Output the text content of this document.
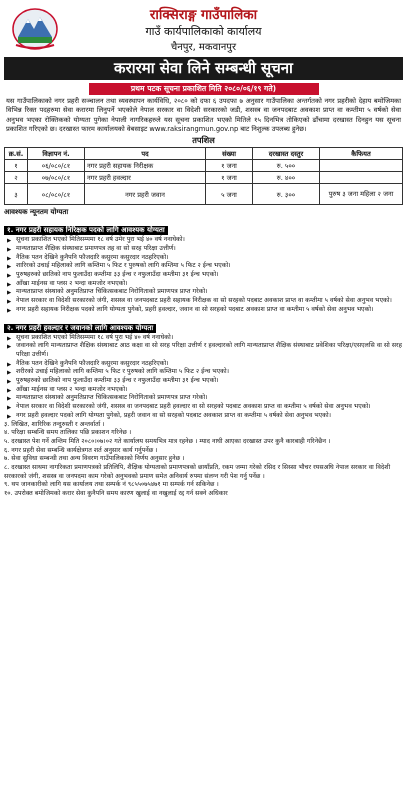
राक्सिराङ्ग गाउँपालिका
गाउँ कार्यपालिकाको कार्यालय
चैनपुर, मकवानपुर
करारमा सेवा लिने सम्बन्धी सूचना
प्रथम पटक सूचना प्रकाशित मिति २०८०/०६/१९ गते)
यस गाउँपालिकाको नगर प्रहरी सञ्चालन तथा व्यवस्थापन कार्यविधि, २०८० को दफा ६ उपदफा ७ अनुसार गाउँपालिका अन्तर्गतको नगर प्रहरीको देहाय बमोजिमका विभिन्न रिक्त पदहरुमा सेवा करारमा लिनुपर्ने भएकोले नेपाल सरकार वा विदेशी सरकारको जडी, शसस्त्र वा जनपदबाट अवकाश प्राप्त वा कम्तीमा ५ वर्षको सेवा अनुभव भएका रोक्तिकको योग्यता पुगेका नेपाली नागरिकहरुले यस सूचना प्रकाशित भएको मितिले १५ दिनभित्र तोकिएको ढाँचामा दरखास्त दिनहुन यस सूचना प्रकाशित गरिएको छ। दरखास्त फारम कार्यालयको वेबसाइट www.raksirangmun.gov.np बाट निशुल्क उपलब्ध हुनेछ।
तपशिल
क्र.सं.	विज्ञापन नं.	पद	संख्या	दरखास्त दस्तुर	कैफियत
१	०६/०८०/८१	नगर प्रहरी सहायक निरीक्षक	१ जना	रु. ५००	
२	०७/०८०/८१	नगर प्रहरी हवल्दार	१ जना	रु. ४००	
३	०८/०८०/८१	नगर प्रहरी जवान	५ जना	रु. ३००	पुरुष ३ जना महिला २ जना
आवश्यक न्यूनतम योग्यता
१. नगर प्रहरी सहायक निरिक्षक पदको लागि आवश्यक योग्यता
▶ सूचना प्रकाशित भएको मितिसम्ममा १८ वर्ष उमेर पुरा भई ४० वर्ष ननाघेको।
▶ मान्यताप्राप्त शैक्षिक संस्थाबाट प्रमाणपत्र तह वा सो सरह परिक्षा उत्तीर्ण।
▶ नैतिक पतन देखिने कुनैपनि फौजदारि कसुरमा कसुरदार नठहरिएको।
▶ शारिरको उचाई महिलाको लागि कम्तिमा ५ फिट र पुरुषको लागि कम्तिमा ५ फिट २ ईन्च भएको।
▶ पुरुषहरुको छातिको नाप फुलाउँदा कम्तीमा ३३ ईन्च र नफुलाउँदा कम्तीमा ३१ ईन्च भएको।
▶ आँखा माईनस वा प्लस २ भन्दा कमजोर नभएको।
▶ मान्यताप्राप्त संस्थाको अनुमतिप्राप्त चिकित्सकबाट निरोगिताको प्रमाणपत्र प्राप्त गरेको।
▶ नेपाल सरकार वा विदेशी सरकारको जंगी, शसस्त्र वा जनपदबाट प्रहरी सहायक निरीक्षक वा सो सरहको पदबाट अवकाश प्राप्त वा कम्तीमा ५ वर्षको सेवा अनुभव भएको।
▶ नगर प्रहरी सहायक निरीक्षक पदको लागि योग्यता पुगेको, प्रहरी हवल्दार, जवान वा सो सरहको पदबाट अवकाश प्राप्त वा कम्तीमा ५ वर्षको सेवा अनुभव भएको।
२. नगर प्रहरी हवल्दार र जवानको लागि आवश्यक योग्यता
▶ सूचना प्रकाशित भएको मितिसम्ममा १८ वर्ष पुरा भई ४० वर्ष ननाघेको।
▶ जवानको लागि मान्यताप्राप्त शैक्षिक संस्थाबाट आठ कक्षा वा सो सरह परिक्षा उत्तीर्ण र हवल्दारको लागि मान्यताप्राप्त शैक्षिक संस्थाबाट प्रवेशिका परिक्षा/एसएलसि वा सो सरह परिक्षा उत्तीर्ण।
▶ नैतिक पतन देखिने कुनैपनि फौजदारि कसुरमा कसुरदार नठहरिएको।
▶ शरीरको उचाई महिलाको लागि कम्तिमा ५ फिट र पुरुषको लागि कम्तिमा ५ फिट २ ईन्च भएको।
▶ पुरुषहरुको छातिको नाप फुलाउँदा कम्तीमा ३३ ईन्च र नफुलाउँदा कम्तीमा ३१ ईन्च भएको।
▶ आँखा माईनस वा प्लस २ भन्दा कमजोर नभएको।
▶ मान्यताप्राप्त संस्थाको अनुमतिप्राप्त चिकित्सकबाट निरोगिताको प्रमाणपत्र प्राप्त गरेको।
▶ नेपाल सरकार वा विदेशी सरकारको जंगी, शसस्त्र वा जनपदबाट प्रहरी हवल्दार वा सो सरहको पदबाट अवकाश प्राप्त वा कम्तीमा ५ वर्षको सेवा अनुभव भएको।
▶ नगर प्रहरी हवल्दार पदको लागि योग्यता पुगेको, प्रहरी जवान वा सो सरहको पदबाट अवकाश प्राप्त वा कम्तीमा ५ वर्षको सेवा अनुभव भएको।

३. लिखित, शारिरिक तन्दुरुस्ती र अन्तर्वार्ता ।

४. परिक्षा सम्बन्धि समय तालिका पछि प्रकाशन गरिनेछ ।

५. दरखास्त पेश गर्ने अन्तिम मिति २०८०।०७।०२ गते कार्यालय समयभित्र मात्र रहनेछ । म्याद नाघी आएका दरखास्त उपर कुनै कारबाही गरिनेछैन ।

६. नगर प्रहरी सेवा सम्बन्धि कार्यक्षेत्रगत शर्त अनुसार कार्य गर्नुपर्नेछ ।

७. सेवा सुविधा सम्बन्धी तथा अन्य विवरण गाउँपालिकाको निर्णय अनुसार हुनेछ ।

८. दरखास्त साथमा नागरिकता प्रमाणपत्रको प्रतिलिपि, शैक्षिक योग्यताको प्रमाणपत्रको छायाँप्रति, रकम जम्मा गरेको रसिद र सिस्सा भौचर रयसअघि नेपाल सरकार वा विदेशी सरकारको जंगी, शसस्त्र वा जनपदमा काम गरेको अनुभवको प्रमाण समेत अनिवार्य रुपमा संलग्न गरी पेश गर्नु पर्नेछ ।

९. थप जानकारीको लागि यस कार्यालय तथा सम्पर्क नं ९८५५०७५४७१ मा सम्पर्क गर्न सकिनेछ ।

१०. उपरोक्त बमोजिमको करार सेवा कुनैपनि समय कारण खुलाई वा नखुलाई रद्द गर्न सक्ने अधिकार
